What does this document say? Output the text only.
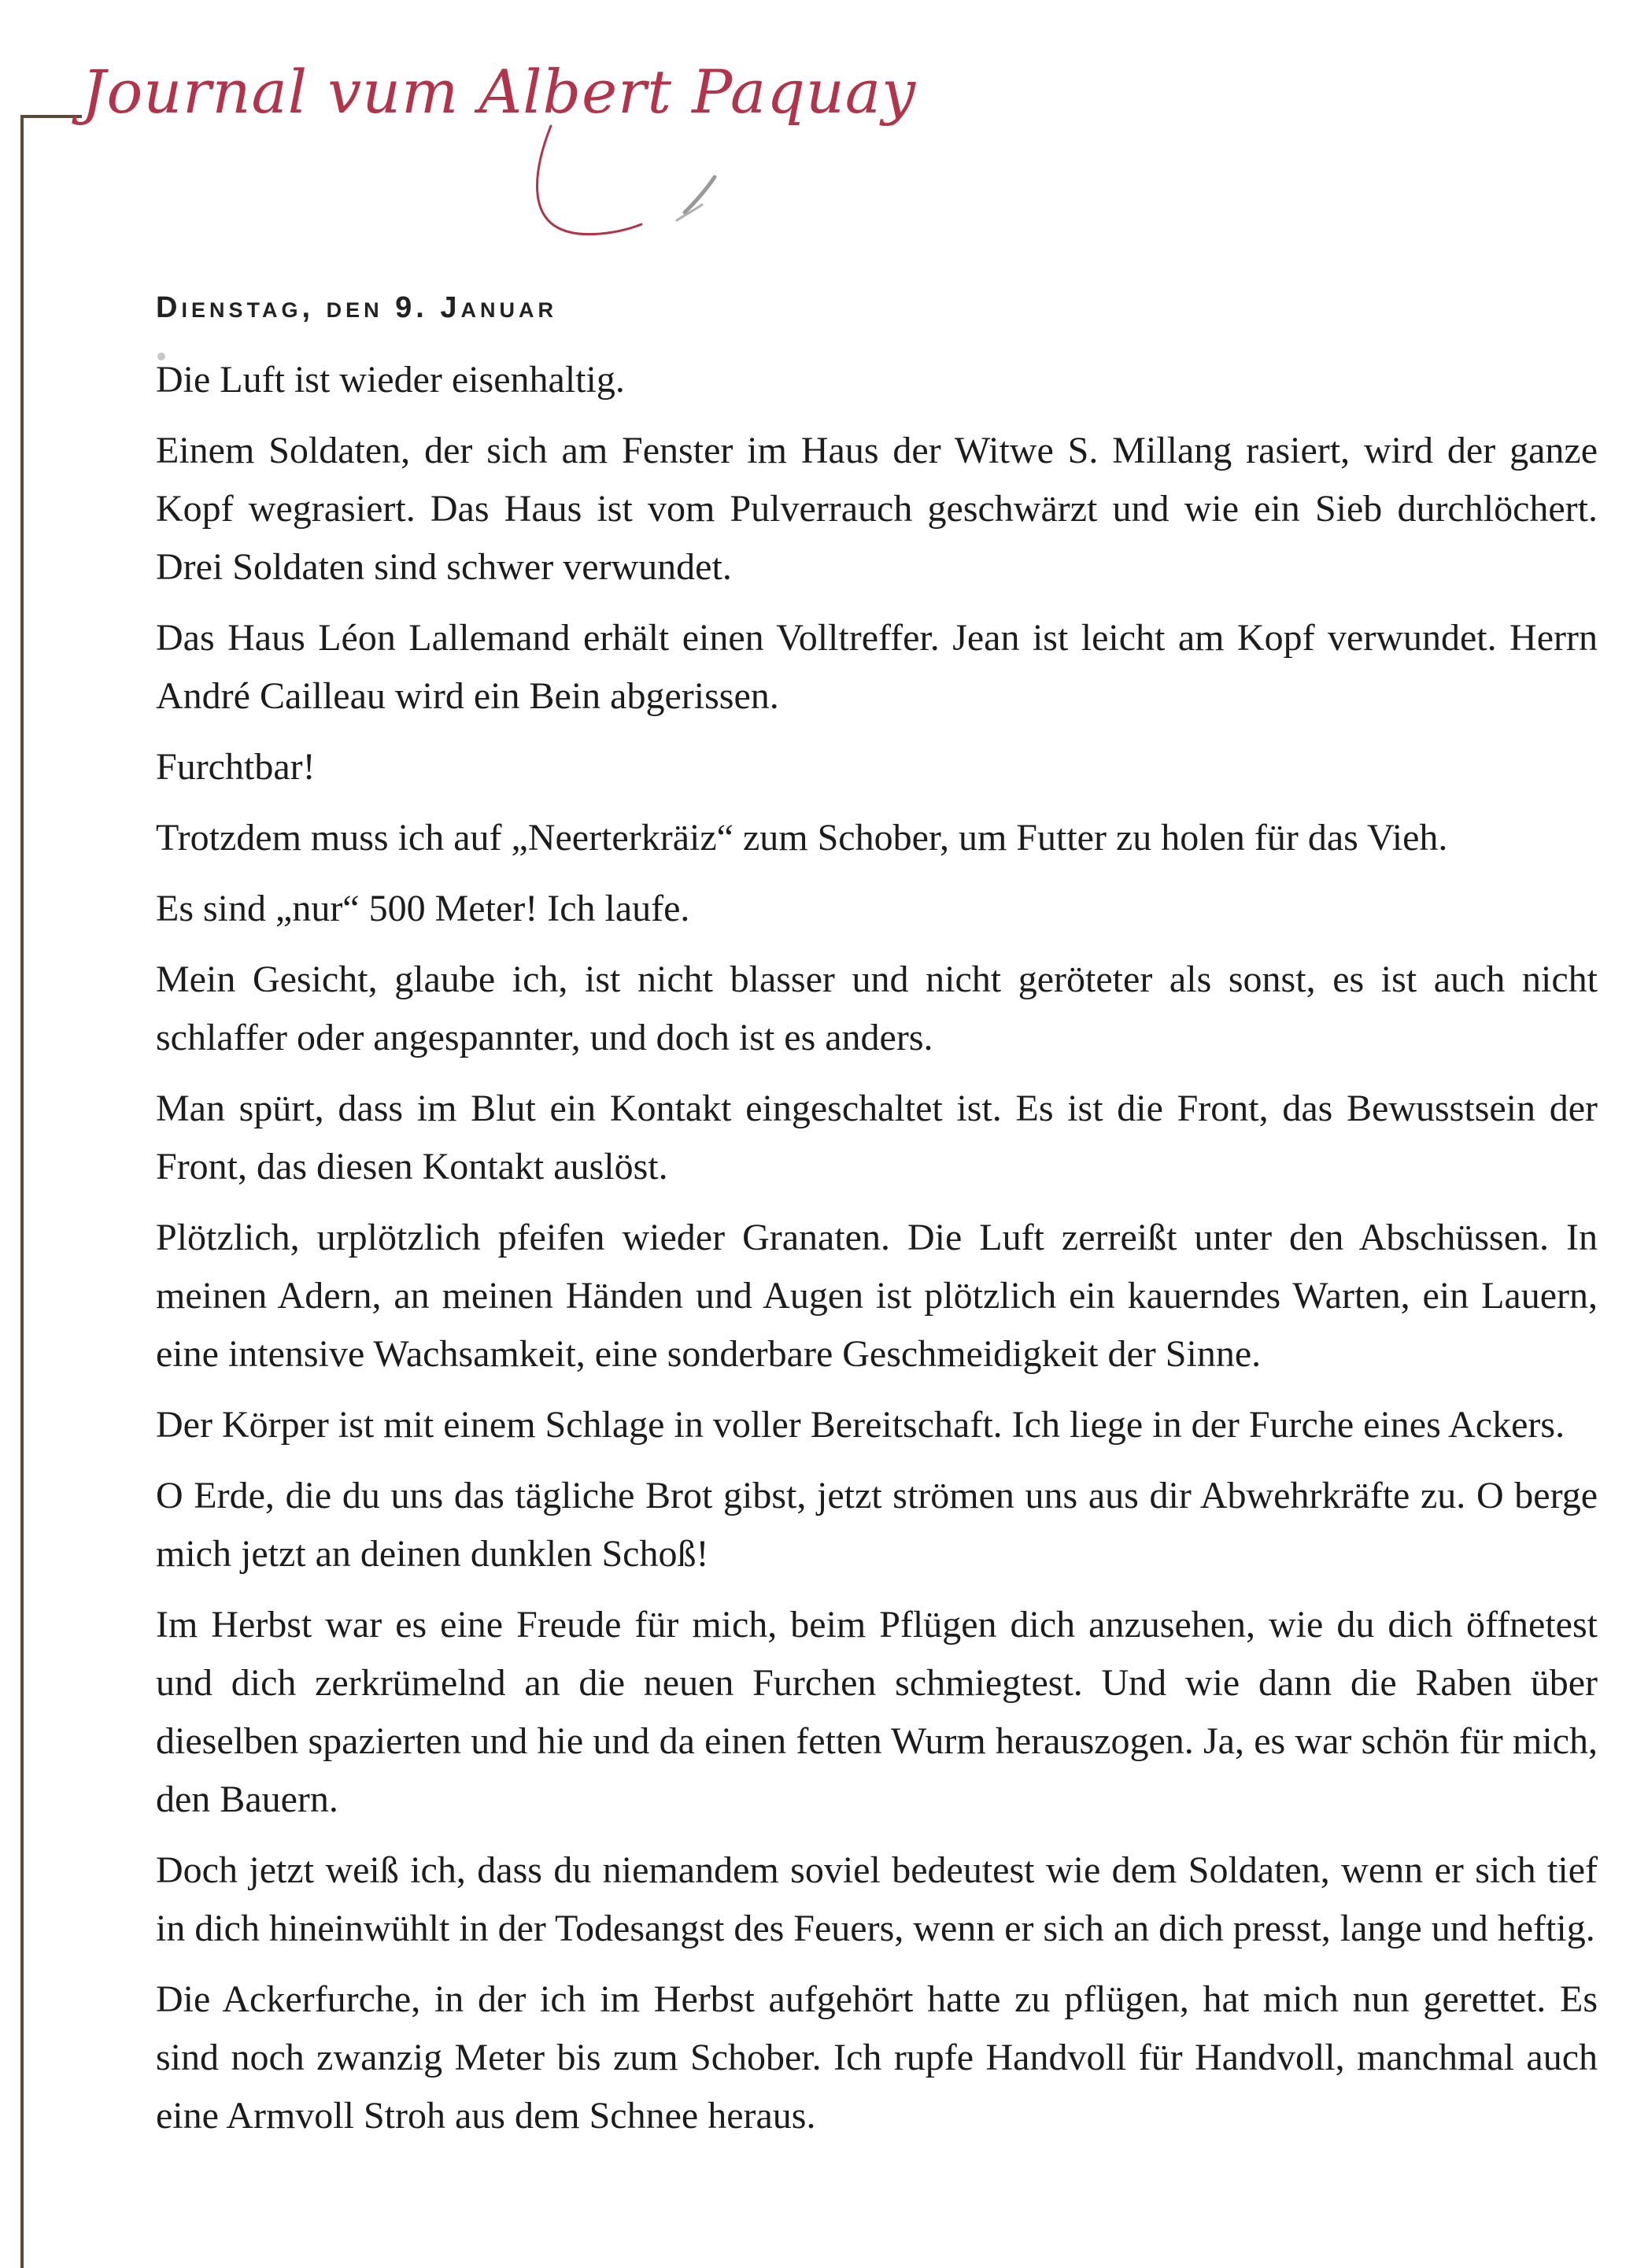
Journal vum Albert Paquay
Dienstag, den 9. Januar

Die Luft ist wieder eisenhaltig.

Einem Soldaten, der sich am Fenster im Haus der Witwe S. Millang rasiert, wird der ganze Kopf wegrasiert. Das Haus ist vom Pulverrauch geschwärzt und wie ein Sieb durchlöchert. Drei Soldaten sind schwer verwundet.

Das Haus Léon Lallemand erhält einen Volltreffer. Jean ist leicht am Kopf verwundet. Herrn André Cailleau wird ein Bein abgerissen.

Furchtbar!

Trotzdem muss ich auf „Neerterkräiz“ zum Schober, um Futter zu holen für das Vieh.

Es sind „nur“ 500 Meter! Ich laufe.

Mein Gesicht, glaube ich, ist nicht blasser und nicht geröteter als sonst, es ist auch nicht schlaffer oder angespannter, und doch ist es anders.

Man spürt, dass im Blut ein Kontakt eingeschaltet ist. Es ist die Front, das Bewusstsein der Front, das diesen Kontakt auslöst.

Plötzlich, urplötzlich pfeifen wieder Granaten. Die Luft zerreißt unter den Abschüssen. In meinen Adern, an meinen Händen und Augen ist plötzlich ein kauerndes Warten, ein Lauern, eine intensive Wachsamkeit, eine sonderbare Geschmeidigkeit der Sinne.

Der Körper ist mit einem Schlage in voller Bereitschaft. Ich liege in der Furche eines Ackers.

O Erde, die du uns das tägliche Brot gibst, jetzt strömen uns aus dir Abwehrkräfte zu. O berge mich jetzt an deinen dunklen Schoß!

Im Herbst war es eine Freude für mich, beim Pflügen dich anzusehen, wie du dich öffnetest und dich zerkrümelnd an die neuen Furchen schmiegtest. Und wie dann die Raben über dieselben spazierten und hie und da einen fetten Wurm herauszogen. Ja, es war schön für mich, den Bauern.

Doch jetzt weiß ich, dass du niemandem soviel bedeutest wie dem Soldaten, wenn er sich tief in dich hineinwühlt in der Todesangst des Feuers, wenn er sich an dich presst, lange und heftig.

Die Ackerfurche, in der ich im Herbst aufgehört hatte zu pflügen, hat mich nun gerettet. Es sind noch zwanzig Meter bis zum Schober. Ich rupfe Handvoll für Handvoll, manchmal auch eine Armvoll Stroh aus dem Schnee heraus.
